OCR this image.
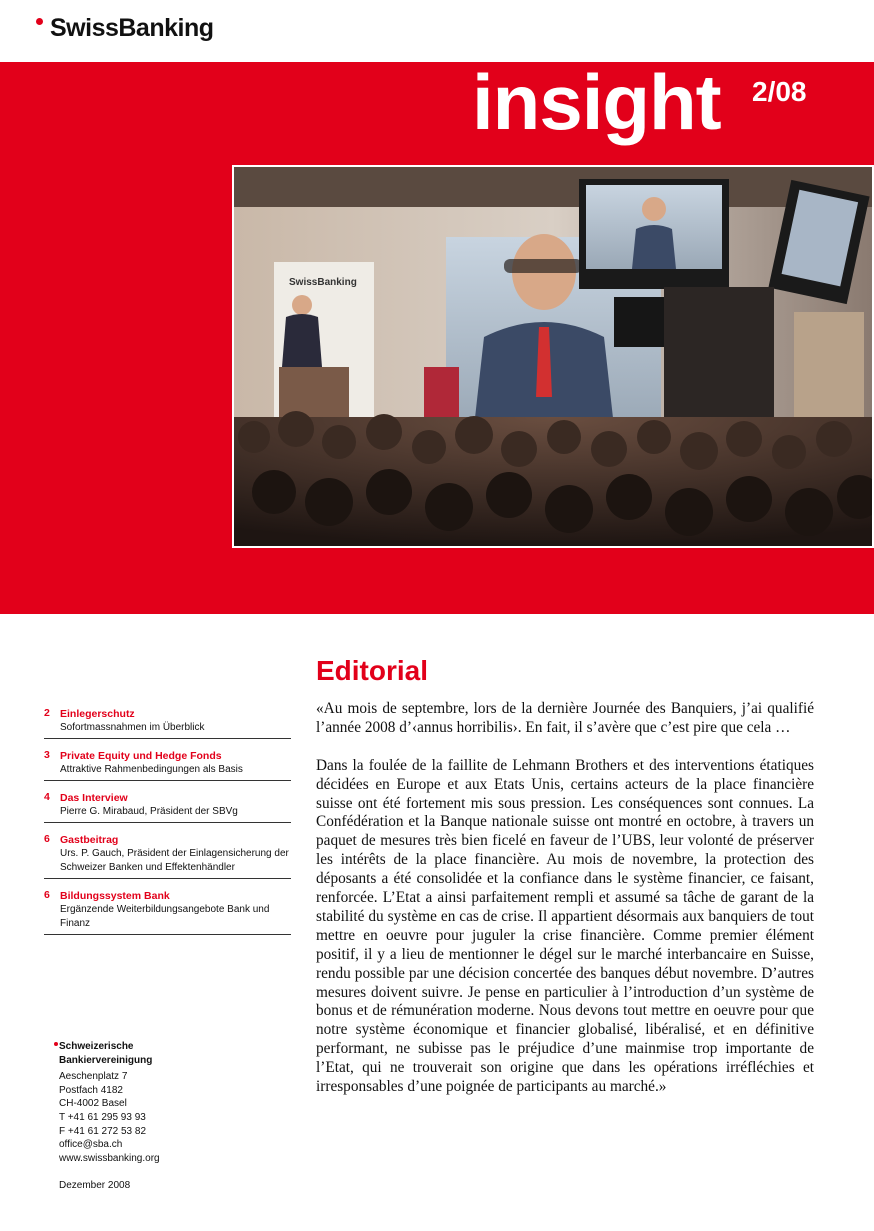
SwissBanking
insight 2/08
SwissBanking
2 Einlegerschutz
Sofortmassnahmen im Überblick
3 Private Equity und Hedge Fonds
Attraktive Rahmenbedingungen als Basis
4 Das Interview
Pierre G. Mirabaud, Präsident der SBVg
6 Gastbeitrag
Urs. P. Gauch, Präsident der Einlagensicherung der Schweizer Banken und Effektenhändler
6 Bildungssystem Bank
Ergänzende Weiterbildungsangebote Bank und Finanz
Schweizerische
Bankiervereinigung
Aeschenplatz 7
Postfach 4182
CH-4002 Basel
T +41 61 295 93 93
F +41 61 272 53 82
office@sba.ch
www.swissbanking.org
Dezember 2008
Editorial

«Au mois de septembre, lors de la dernière Journée des Banquiers, j’ai qualifié l’année 2008 d’‹annus horribilis›. En fait, il s’avère que c’est pire que cela …

Dans la foulée de la faillite de Lehmann Brothers et des interventions étatiques décidées en Europe et aux Etats Unis, certains acteurs de la place financière suisse ont été fortement mis sous pression. Les conséquences sont connues. La Confédération et la Banque nationale suisse ont montré en octobre, à travers un paquet de mesures très bien ficelé en faveur de l’UBS, leur volonté de préserver les intérêts de la place financière. Au mois de novembre, la protection des déposants a été consolidée et la confiance dans le système financier, ce faisant, renforcée. L’Etat a ainsi parfaitement rempli et assumé sa tâche de garant de la stabilité du système en cas de crise. Il appartient désormais aux banquiers de tout mettre en oeuvre pour juguler la crise financière. Comme premier élément positif, il y a lieu de mentionner le dégel sur le marché interbancaire en Suisse, rendu possible par une décision concertée des banques début novembre. D’autres mesures doivent suivre. Je pense en particulier à l’introduction d’un système de bonus et de rémunération moderne. Nous devons tout mettre en oeuvre pour que notre système économique et financier globalisé, libéralisé, et en définitive performant, ne subisse pas le préjudice d’une mainmise trop importante de l’Etat, qui ne trouverait son origine que dans les opérations irréfléchies et irresponsables d’une poignée de participants au marché.»
